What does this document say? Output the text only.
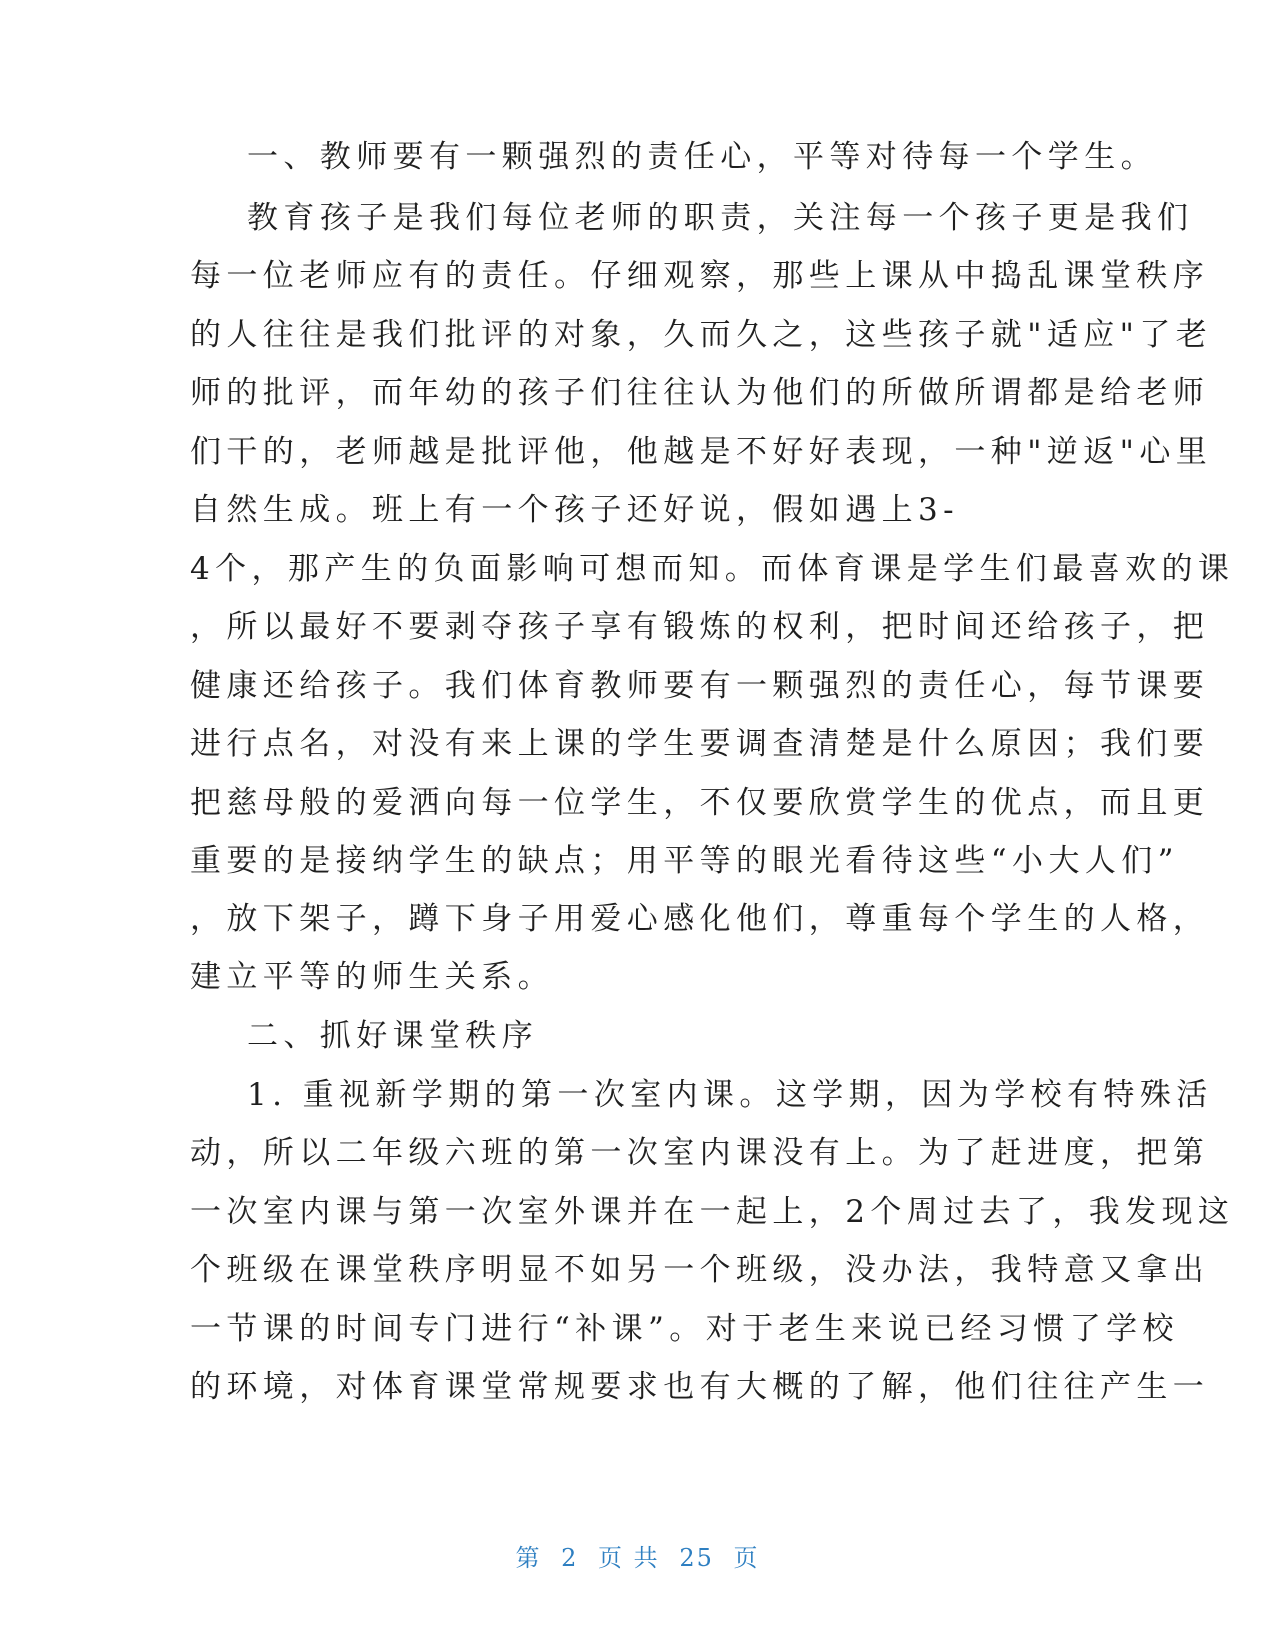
一、教师要有一颗强烈的责任心，平等对待每一个学生。

教育孩子是我们每位老师的职责，关注每一个孩子更是我们

每一位老师应有的责任。仔细观察，那些上课从中捣乱课堂秩序

的人往往是我们批评的对象，久而久之，这些孩子就"适应"了老

师的批评，而年幼的孩子们往往认为他们的所做所谓都是给老师

们干的，老师越是批评他，他越是不好好表现，一种"逆返"心里

自然生成。班上有一个孩子还好说，假如遇上3-

4个，那产生的负面影响可想而知。而体育课是学生们最喜欢的课

，所以最好不要剥夺孩子享有锻炼的权利，把时间还给孩子，把

健康还给孩子。我们体育教师要有一颗强烈的责任心，每节课要

进行点名，对没有来上课的学生要调查清楚是什么原因；我们要

把慈母般的爱洒向每一位学生，不仅要欣赏学生的优点，而且更

重要的是接纳学生的缺点；用平等的眼光看待这些“小大人们”

，放下架子，蹲下身子用爱心感化他们，尊重每个学生的人格，

建立平等的师生关系。

二、抓好课堂秩序

1. 重视新学期的第一次室内课。这学期，因为学校有特殊活

动，所以二年级六班的第一次室内课没有上。为了赶进度，把第

一次室内课与第一次室外课并在一起上，2个周过去了，我发现这

个班级在课堂秩序明显不如另一个班级，没办法，我特意又拿出

一节课的时间专门进行“补课”。对于老生来说已经习惯了学校

的环境，对体育课堂常规要求也有大概的了解，他们往往产生一

第 2 页 共 25 页
